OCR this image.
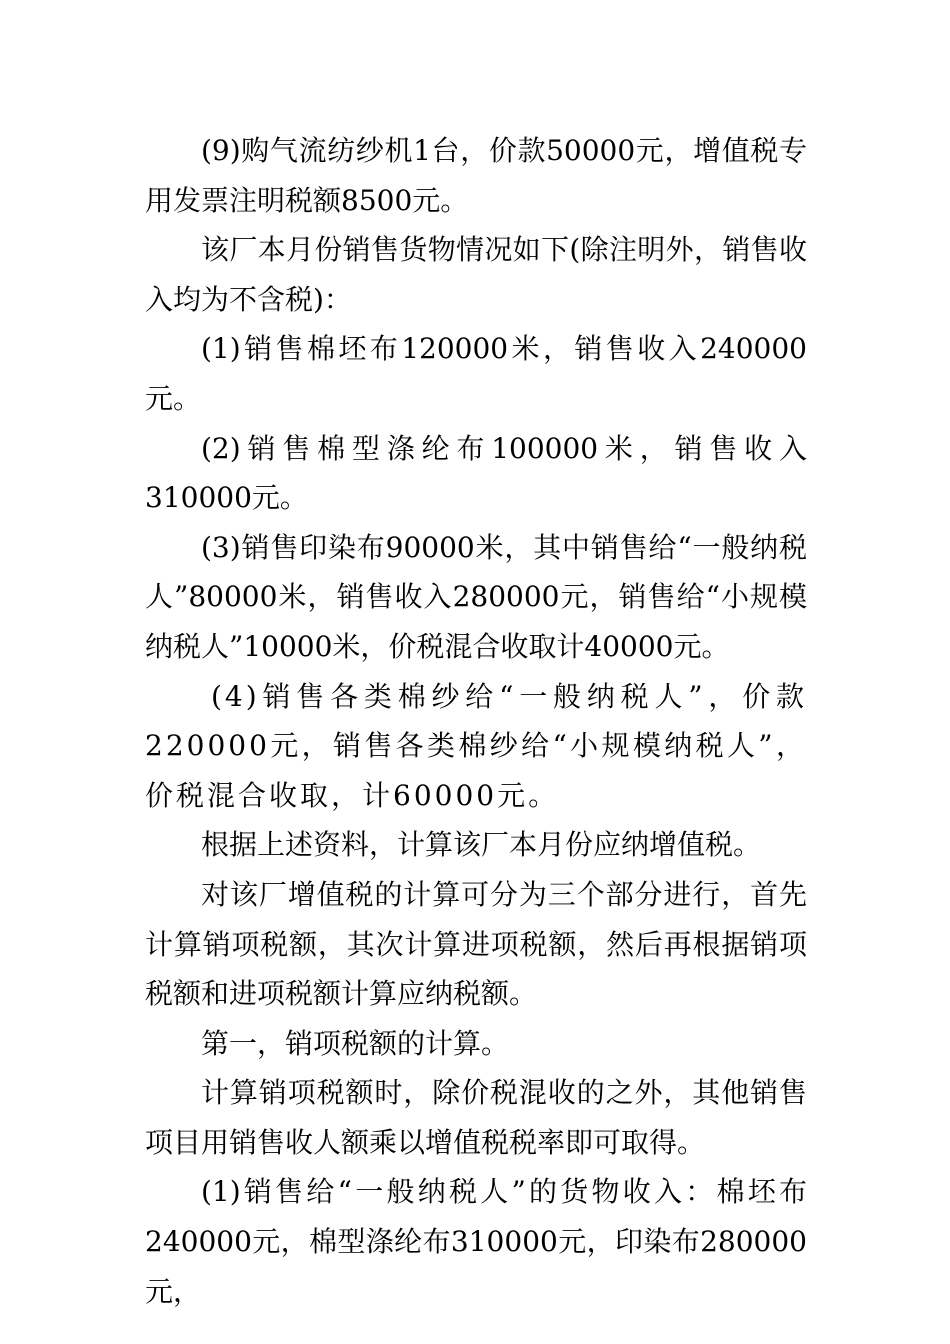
(9)购气流纺纱机1台，价款50000元，增值税专用发票注明税额8500元。

该厂本月份销售货物情况如下(除注明外，销售收入均为不含税)：

(1)销售棉坯布120000米，销售收入240000元。

(2)销售棉型涤纶布100000米，销售收入310000元。

(3)销售印染布90000米，其中销售给“一般纳税人”80000米，销售收入280000元，销售给“小规模纳税人”10000米，价税混合收取计40000元。

(4)销售各类棉纱给“一般纳税人”，价款220000元，销售各类棉纱给“小规模纳税人”，价税混合收取，计60000元。

根据上述资料，计算该厂本月份应纳增值税。

对该厂增值税的计算可分为三个部分进行，首先计算销项税额，其次计算进项税额，然后再根据销项税额和进项税额计算应纳税额。

第一，销项税额的计算。

计算销项税额时，除价税混收的之外，其他销售项目用销售收人额乘以增值税税率即可取得。

(1)销售给“一般纳税人”的货物收入：棉坯布240000元，棉型涤纶布310000元，印染布280000元，
